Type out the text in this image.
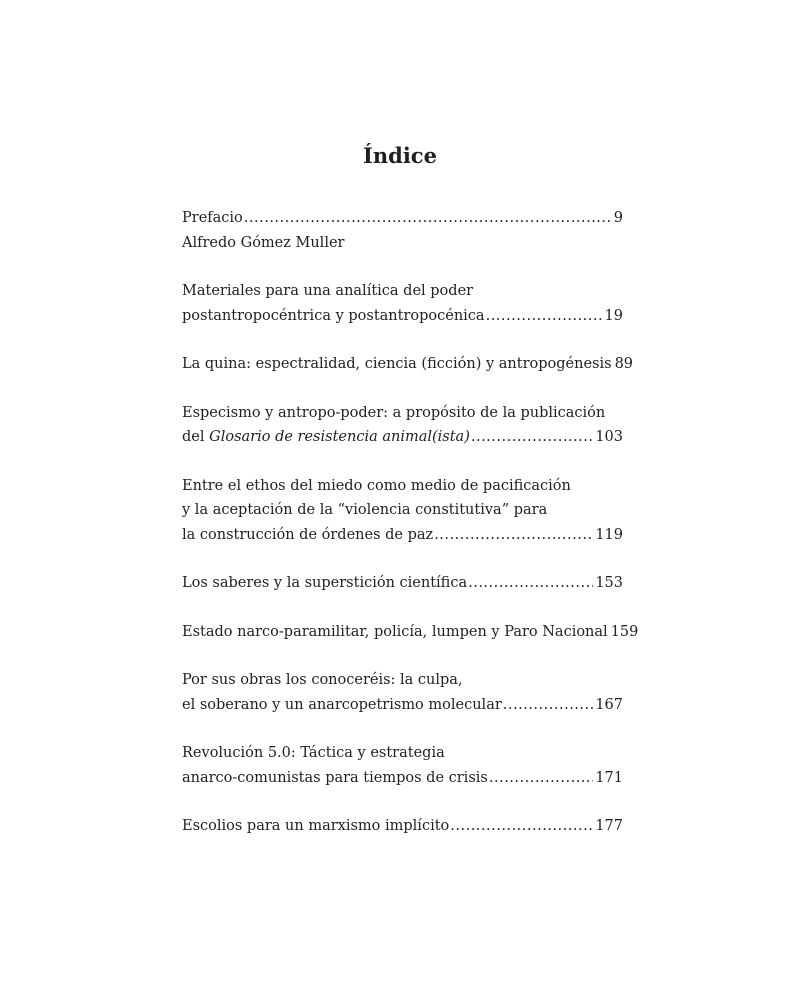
Índice
Prefacio .....	9
Alfredo Gómez Muller
Materiales para una analítica del poder
postantropocéntrica y postantropocénica .....	19
La quina: espectralidad, ciencia (ficción) y antropogénesis 89
Especismo y antropo-poder: a propósito de la publicación
del Glosario de resistencia animal(ista) .....	103
Entre el ethos del miedo como medio de pacificación
y la aceptación de la “violencia constitutiva” para
la construcción de órdenes de paz .....	119
Los saberes y la superstición científica .....	153
Estado narco-paramilitar, policía, lumpen y Paro Nacional 159
Por sus obras los conoceréis: la culpa,
el soberano y un anarcopetrismo molecular .....	167
Revolución 5.0: Táctica y estrategia
anarco-comunistas para tiempos de crisis .....	171
Escolios para un marxismo implícito .....	177
